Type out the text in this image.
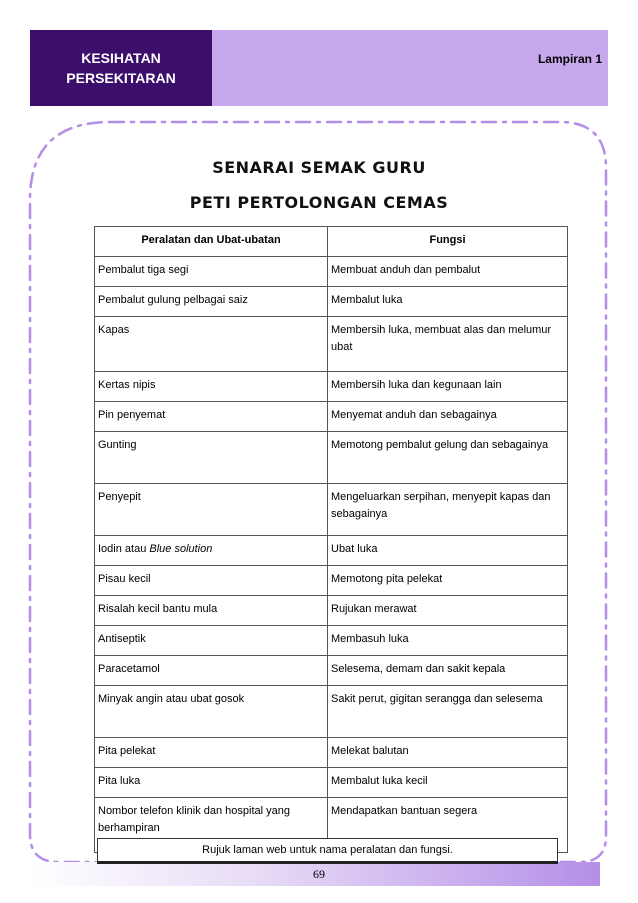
KESIHATAN
PERSEKITARAN
Lampiran 1
SENARAI SEMAK GURU
PETI PERTOLONGAN CEMAS
Peralatan dan Ubat-ubatan	Fungsi
Pembalut tiga segi	Membuat anduh dan pembalut
Pembalut gulung pelbagai saiz	Membalut luka
Kapas	Membersih luka, membuat alas dan melumur ubat
Kertas nipis	Membersih luka dan kegunaan lain
Pin penyemat	Menyemat anduh dan sebagainya
Gunting	Memotong pembalut gelung dan sebagainya
Penyepit	Mengeluarkan serpihan, menyepit kapas dan sebagainya
Iodin atau Blue solution	Ubat luka
Pisau kecil	Memotong pita pelekat
Risalah kecil bantu mula	Rujukan merawat
Antiseptik	Membasuh luka
Paracetamol	Selesema, demam dan sakit kepala
Minyak angin atau ubat gosok	Sakit perut, gigitan serangga dan selesema
Pita pelekat	Melekat balutan
Pita luka	Membalut luka kecil
Nombor telefon klinik dan hospital yang berhampiran	Mendapatkan bantuan segera
Rujuk laman web untuk nama peralatan dan fungsi.
69
